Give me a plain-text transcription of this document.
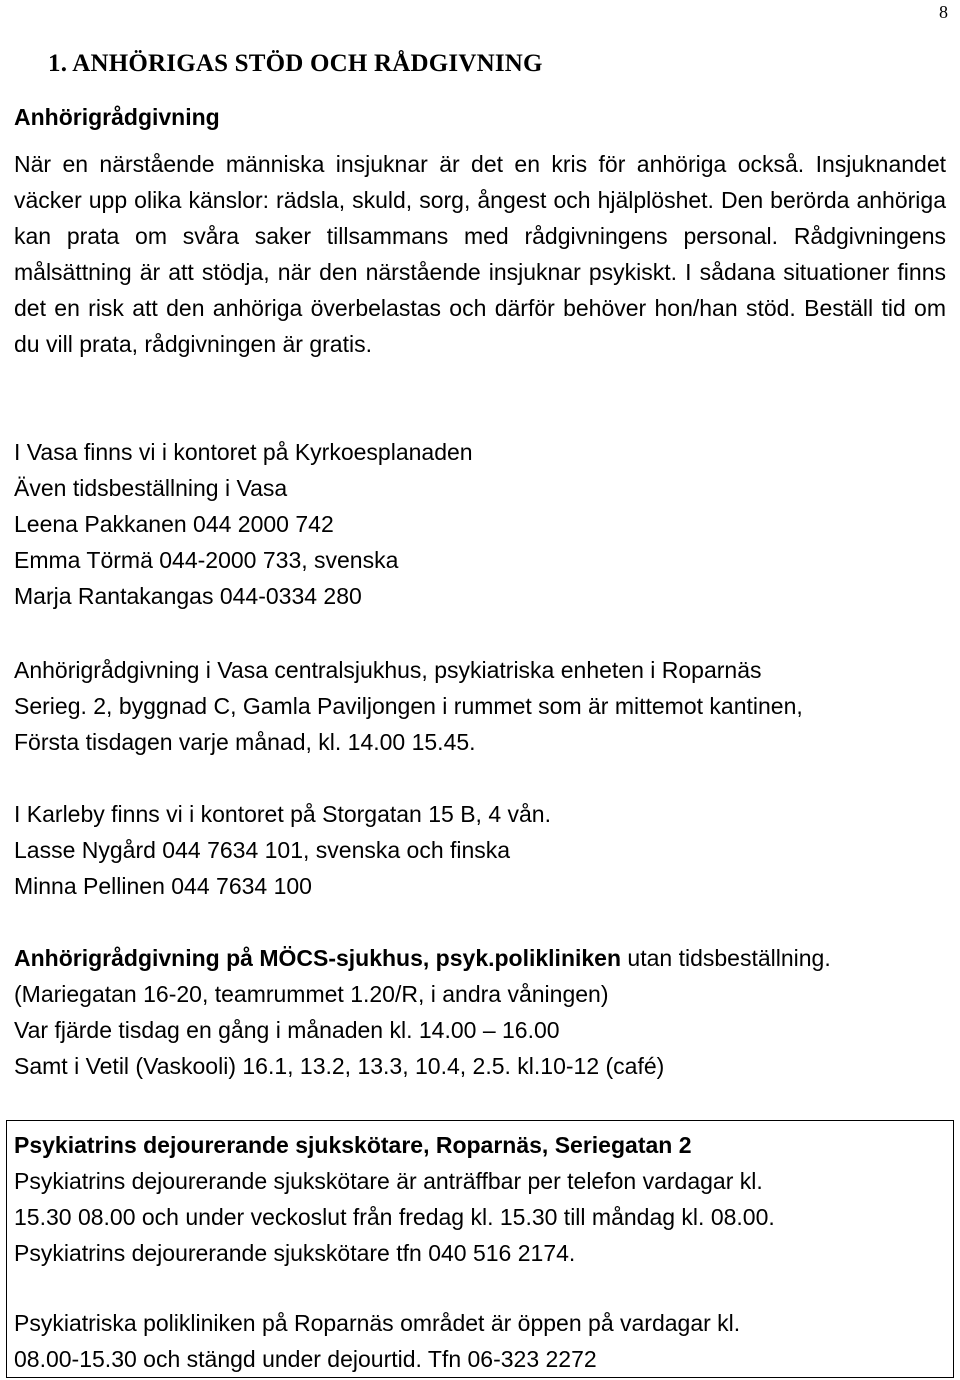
8
1. ANHÖRIGAS STÖD OCH RÅDGIVNING
Anhörigrådgivning

När en närstående människa insjuknar är det en kris för anhöriga också. Insjuknandet väcker upp olika känslor: rädsla, skuld, sorg, ångest och hjälplöshet. Den berörda anhöriga kan prata om svåra saker tillsammans med rådgivningens personal. Rådgivningens målsättning är att stödja, när den närstående insjuknar psykiskt. I sådana situationer finns det en risk att den anhöriga överbelastas och därför behöver hon/han stöd. Beställ tid om du vill prata, rådgivningen är gratis.

I Vasa finns vi i kontoret på Kyrkoesplanaden
Även tidsbeställning i Vasa
Leena Pakkanen 044 2000 742
Emma Törmä 044-2000 733, svenska
Marja Rantakangas 044-0334 280
Anhörigrådgivning i Vasa centralsjukhus, psykiatriska enheten i Roparnäs
Serieg. 2, byggnad C, Gamla Paviljongen i rummet som är mittemot kantinen,
Första tisdagen varje månad, kl. 14.00 15.45.
I Karleby finns vi i kontoret på Storgatan 15 B, 4 vån.
Lasse Nygård 044 7634 101, svenska och finska
Minna Pellinen 044 7634 100
Anhörigrådgivning på MÖCS-sjukhus, psyk.polikliniken utan tidsbeställning.
(Mariegatan 16-20, teamrummet 1.20/R, i andra våningen)
Var fjärde tisdag en gång i månaden kl. 14.00 – 16.00
Samt i Vetil (Vaskooli) 16.1, 13.2, 13.3, 10.4, 2.5. kl.10-12 (café)
Psykiatrins dejourerande sjukskötare, Roparnäs, Seriegatan 2
Psykiatrins dejourerande sjukskötare är anträffbar per telefon vardagar kl.
15.30 08.00 och under veckoslut från fredag kl. 15.30 till måndag kl. 08.00.
Psykiatrins dejourerande sjukskötare tfn 040 516 2174.
Psykiatriska polikliniken på Roparnäs området är öppen på vardagar kl.
08.00-15.30 och stängd under dejourtid. Tfn 06-323 2272
